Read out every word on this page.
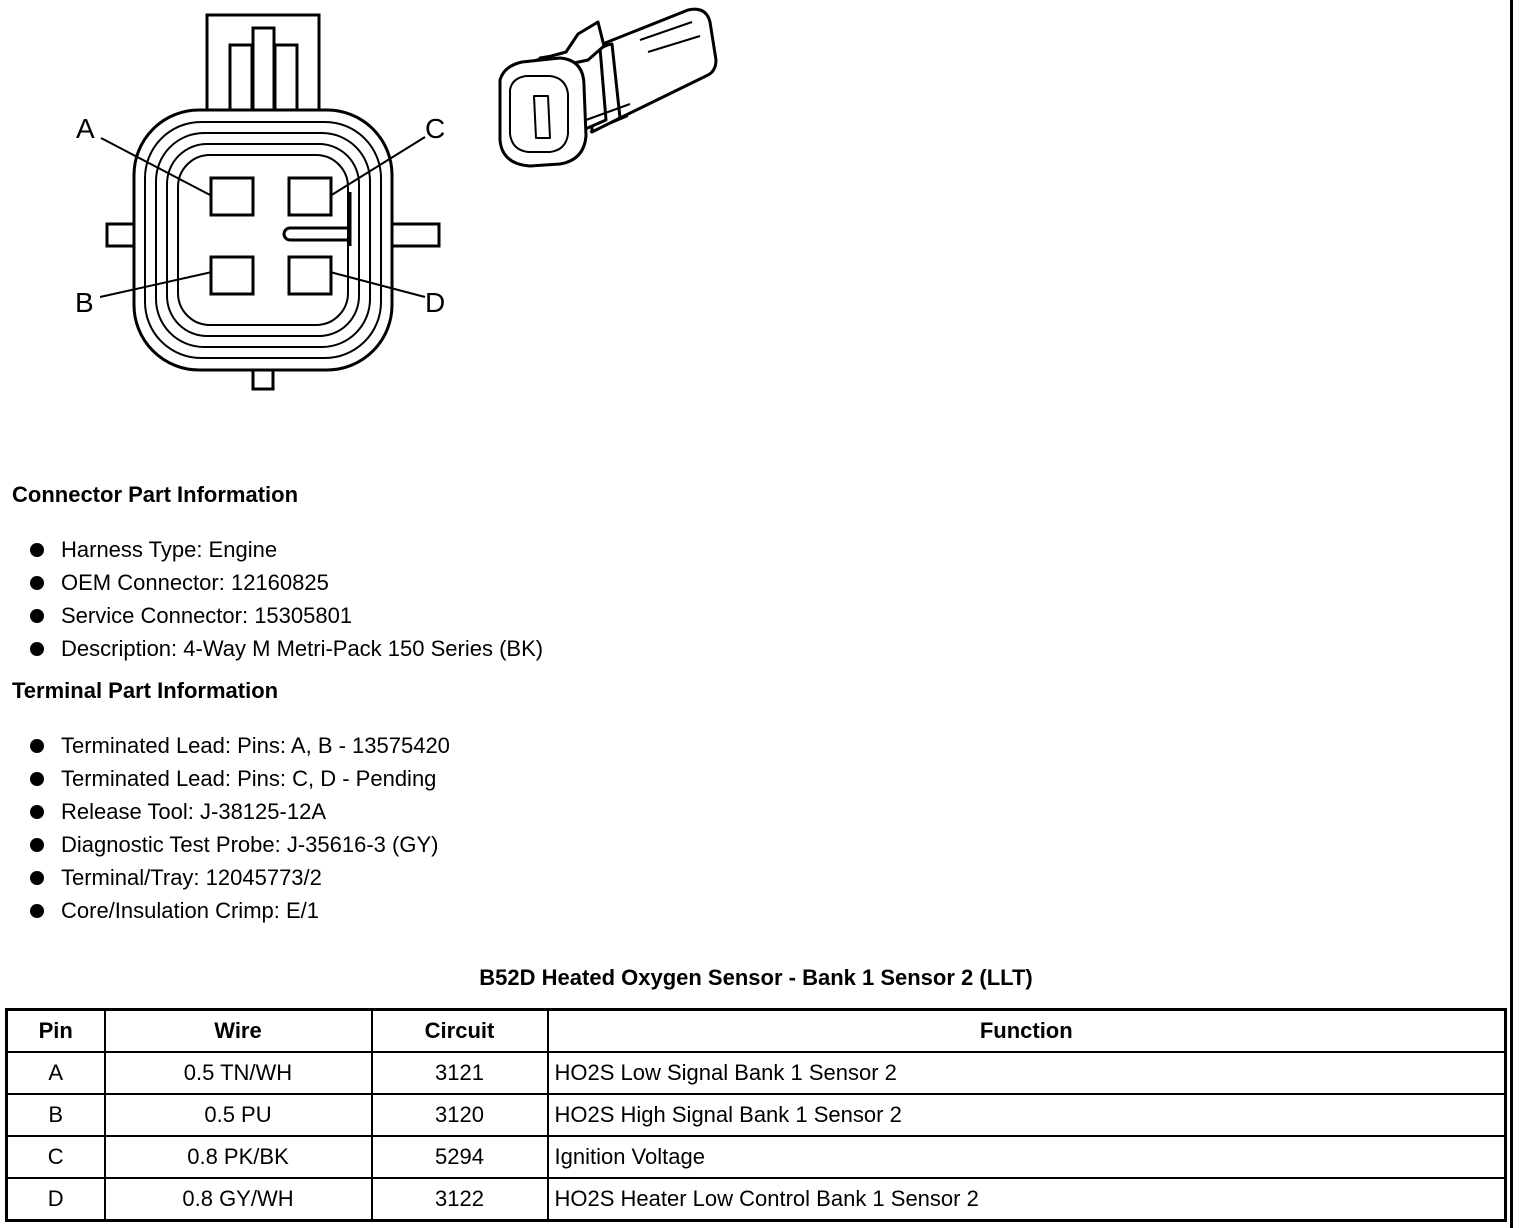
A
B
C
D
Connector Part Information
Harness Type: Engine
OEM Connector: 12160825
Service Connector: 15305801
Description: 4-Way M Metri-Pack 150 Series (BK)
Terminal Part Information
Terminated Lead: Pins: A, B - 13575420
Terminated Lead: Pins: C, D - Pending
Release Tool: J-38125-12A
Diagnostic Test Probe: J-35616-3 (GY)
Terminal/Tray: 12045773/2
Core/Insulation Crimp: E/1
B52D Heated Oxygen Sensor - Bank 1 Sensor 2 (LLT)
Pin	Wire	Circuit	Function
A	0.5 TN/WH	3121	HO2S Low Signal Bank 1 Sensor 2
B	0.5 PU	3120	HO2S High Signal Bank 1 Sensor 2
C	0.8 PK/BK	5294	Ignition Voltage
D	0.8 GY/WH	3122	HO2S Heater Low Control Bank 1 Sensor 2
